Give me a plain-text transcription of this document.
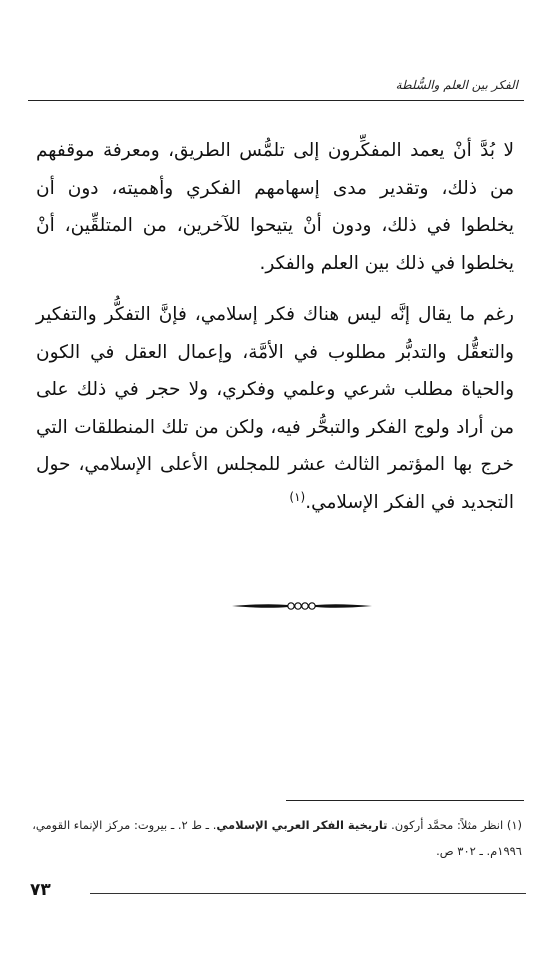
الفكر بين العلم والسُّلطة

لا بُدَّ أنْ يعمد المفكِّرون إلى تلمُّس الطريق، ومعرفة موقفهم من ذلك، وتقدير مدى إسهامهم الفكري وأهميته، دون أن يخلطوا في ذلك، ودون أنْ يتيحوا للآخرين، من المتلقِّين، أنْ يخلطوا في ذلك بين العلم والفكر.

رغم ما يقال إنَّه ليس هناك فكر إسلامي، فإنَّ التفكُّر والتفكير والتعقُّل والتدبُّر مطلوب في الأمَّة، وإعمال العقل في الكون والحياة مطلب شرعي وعلمي وفكري، ولا حجر في ذلك على من أراد ولوج الفكر والتبحُّر فيه، ولكن من تلك المنطلقات التي خرج بها المؤتمر الثالث عشر للمجلس الأعلى الإسلامي، حول التجديد في الفكر الإسلامي.$^{(١)}$

(١) انظر مثلاً: محمَّد أركون. تاريخية الفكر العربي الإسلامي. ـ ط ٢. ـ بيروت: مركز الإنماء القومي، ١٩٩٦م. ـ ٣٠٢ ص.
٧٣
